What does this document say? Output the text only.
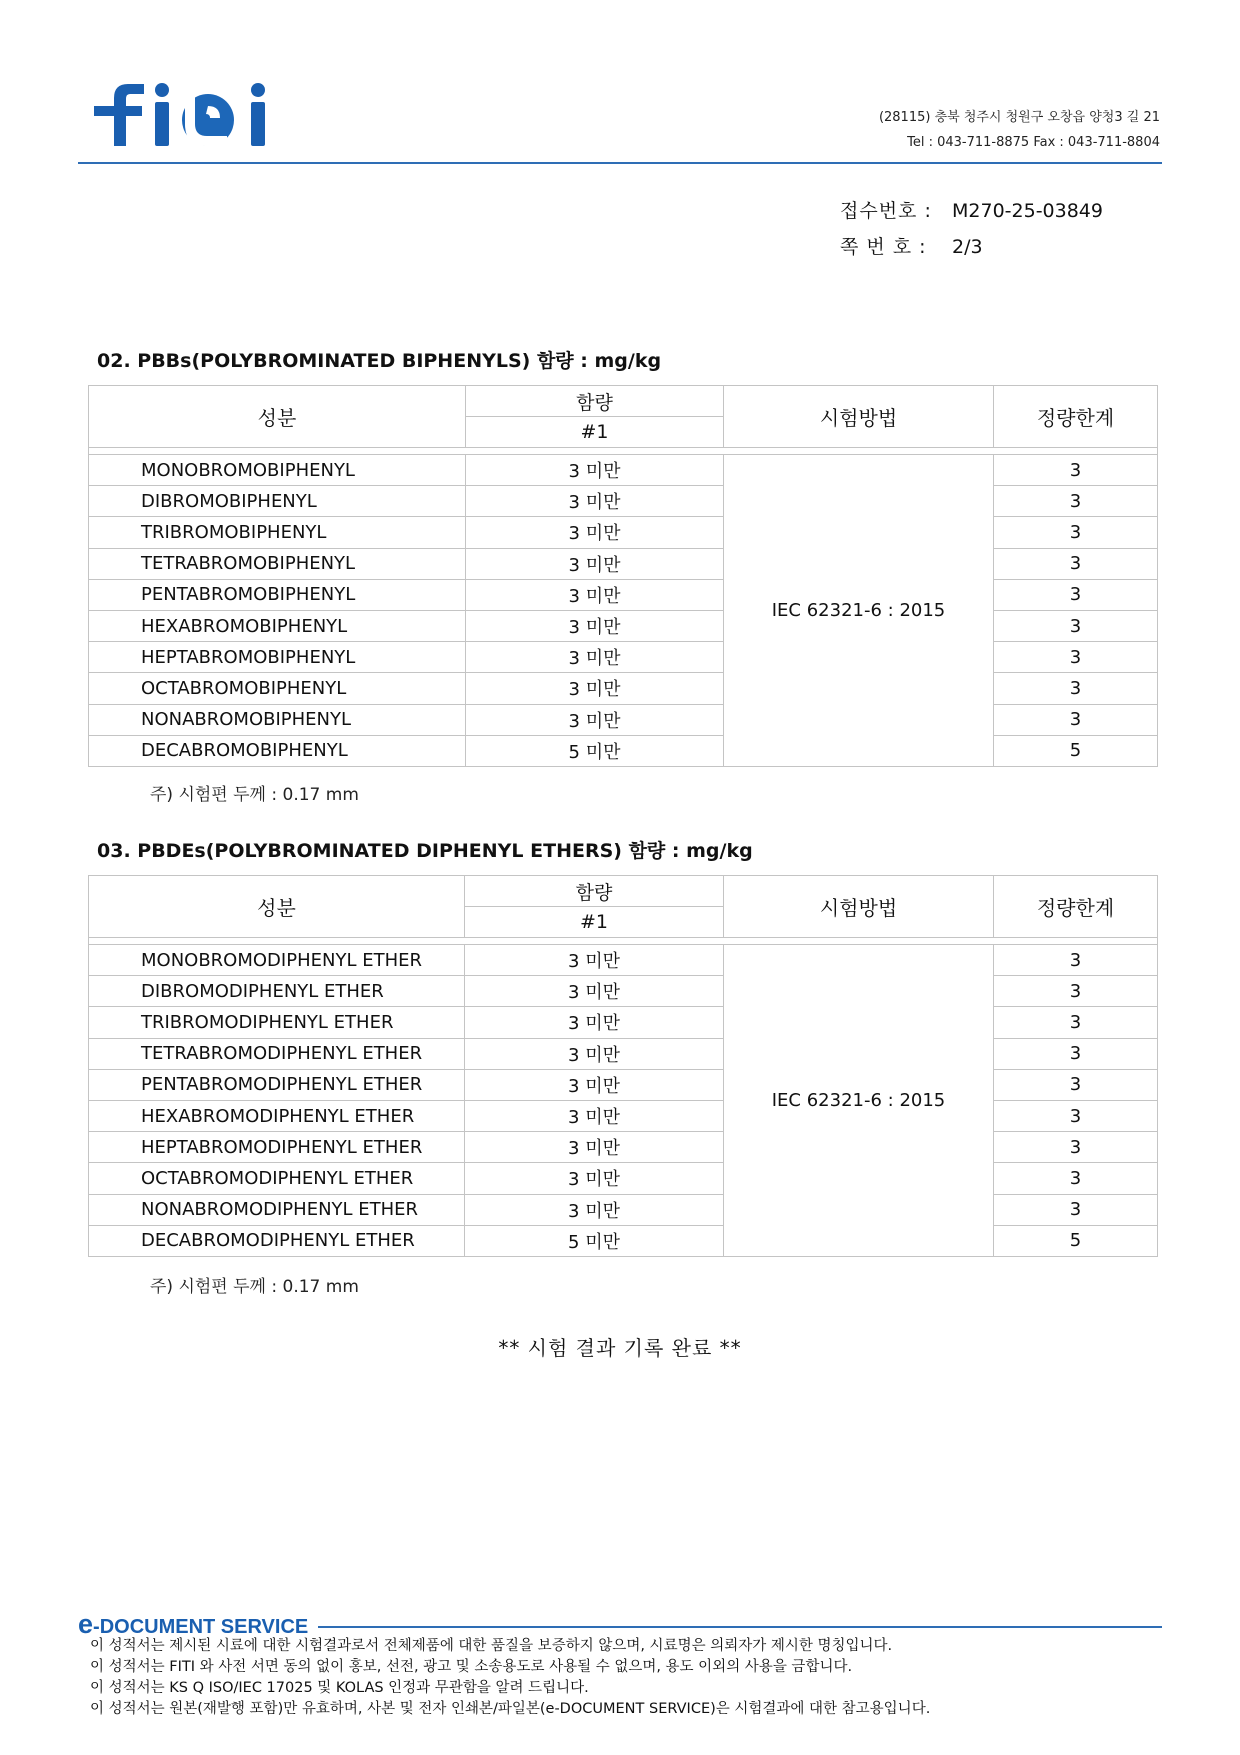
(28115) 충북 청주시 청원구 오창읍 양청3 길 21
Tel : 043-711-8875 Fax : 043-711-8804
접수번호 :	M270-25-03849
쪽 번 호 :	2/3
02. PBBs(POLYBROMINATED BIPHENYLS) 함량 : mg/kg
성분	함량	시험방법	정량한계
	#1		

MONOBROMOBIPHENYL	3 미만	IEC 62321-6 : 2015	3
DIBROMOBIPHENYL	3 미만		3
TRIBROMOBIPHENYL	3 미만		3
TETRABROMOBIPHENYL	3 미만		3
PENTABROMOBIPHENYL	3 미만		3
HEXABROMOBIPHENYL	3 미만		3
HEPTABROMOBIPHENYL	3 미만		3
OCTABROMOBIPHENYL	3 미만		3
NONABROMOBIPHENYL	3 미만		3
DECABROMOBIPHENYL	5 미만		5
주) 시험편 두께 : 0.17 mm
03. PBDEs(POLYBROMINATED DIPHENYL ETHERS) 함량 : mg/kg
성분	함량	시험방법	정량한계
	#1		

MONOBROMODIPHENYL ETHER	3 미만	IEC 62321-6 : 2015	3
DIBROMODIPHENYL ETHER	3 미만		3
TRIBROMODIPHENYL ETHER	3 미만		3
TETRABROMODIPHENYL ETHER	3 미만		3
PENTABROMODIPHENYL ETHER	3 미만		3
HEXABROMODIPHENYL ETHER	3 미만		3
HEPTABROMODIPHENYL ETHER	3 미만		3
OCTABROMODIPHENYL ETHER	3 미만		3
NONABROMODIPHENYL ETHER	3 미만		3
DECABROMODIPHENYL ETHER	5 미만		5
주) 시험편 두께 : 0.17 mm
** 시험 결과 기록 완료 **
e-DOCUMENT SERVICE
이 성적서는 제시된 시료에 대한 시험결과로서 전체제품에 대한 품질을 보증하지 않으며, 시료명은 의뢰자가 제시한 명칭입니다.
이 성적서는 FITI 와 사전 서면 동의 없이 홍보, 선전, 광고 및 소송용도로 사용될 수 없으며, 용도 이외의 사용을 금합니다.
이 성적서는 KS Q ISO/IEC 17025 및 KOLAS 인정과 무관함을 알려 드립니다.
이 성적서는 원본(재발행 포함)만 유효하며, 사본 및 전자 인쇄본/파일본(e-DOCUMENT SERVICE)은 시험결과에 대한 참고용입니다.
